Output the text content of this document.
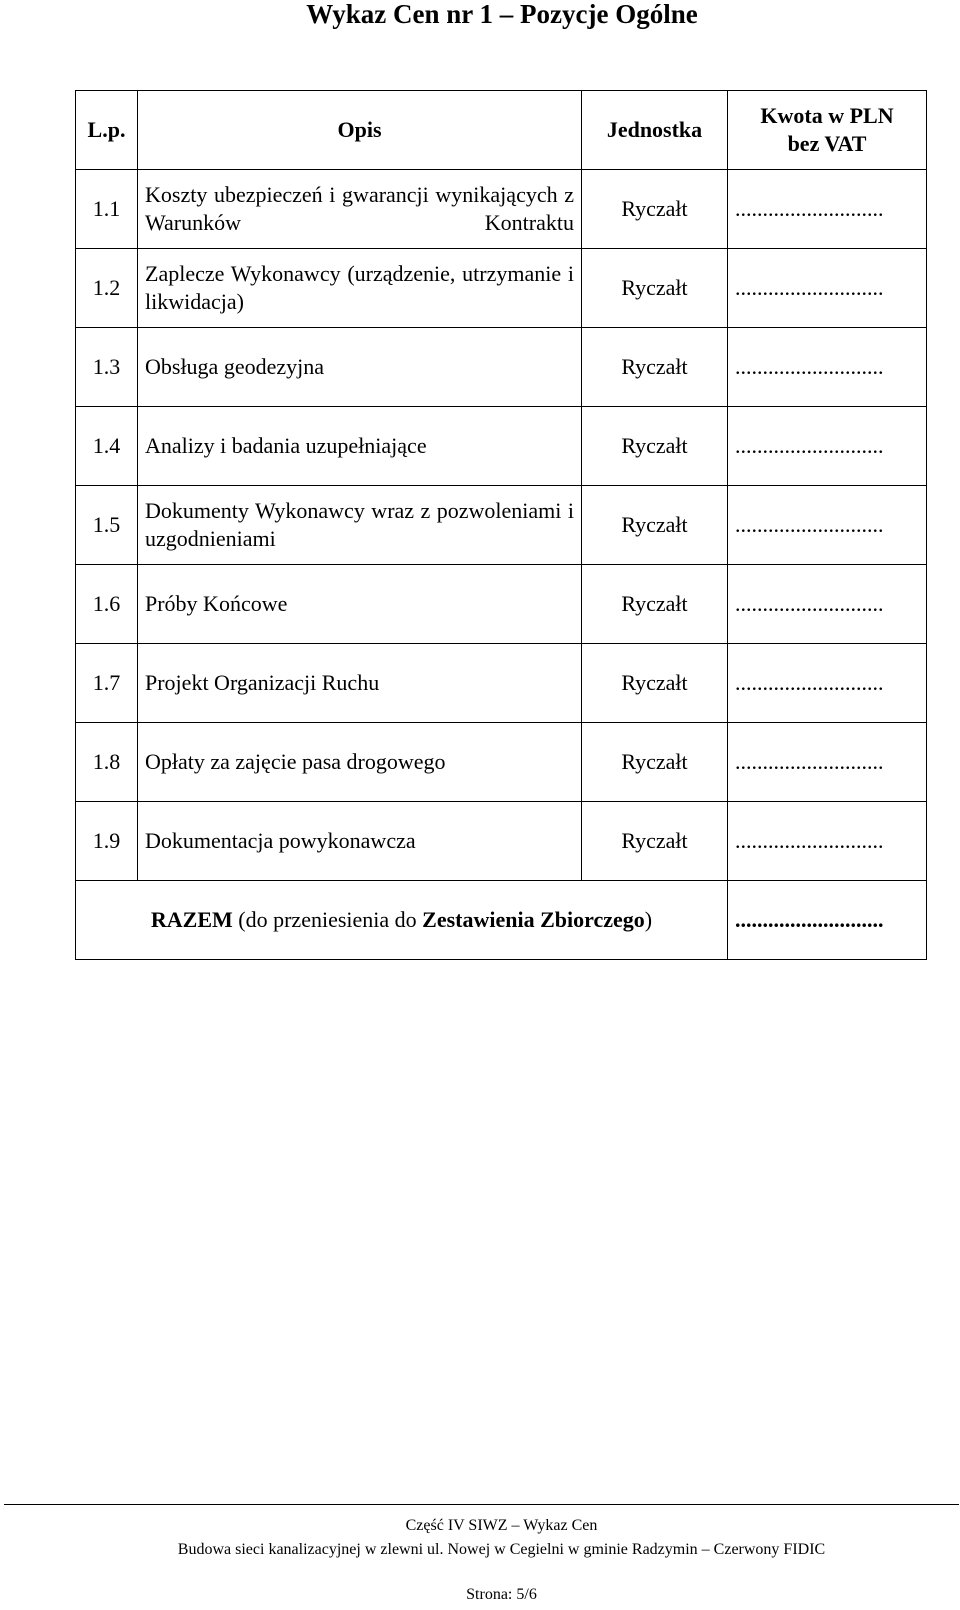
Wykaz Cen nr 1 – Pozycje Ogólne
L.p.	Opis	Jednostka	Kwota w PLN
bez VAT
1.1	Koszty ubezpieczeń i gwarancji wynikających z Warunków Kontraktu	Ryczałt	...........................
1.2	Zaplecze Wykonawcy (urządzenie, utrzymanie i likwidacja)	Ryczałt	...........................
1.3	Obsługa geodezyjna	Ryczałt	...........................
1.4	Analizy i badania uzupełniające	Ryczałt	...........................
1.5	Dokumenty Wykonawcy wraz z pozwoleniami i uzgodnieniami	Ryczałt	...........................
1.6	Próby Końcowe	Ryczałt	...........................
1.7	Projekt Organizacji Ruchu	Ryczałt	...........................
1.8	Opłaty za zajęcie pasa drogowego	Ryczałt	...........................
1.9	Dokumentacja powykonawcza	Ryczałt	...........................
RAZEM (do przeniesienia do Zestawienia Zbiorczego)			...........................
Część IV SIWZ – Wykaz Cen
Budowa sieci kanalizacyjnej w zlewni ul. Nowej w Cegielni w gminie Radzymin – Czerwony FIDIC
Strona: 5/6
